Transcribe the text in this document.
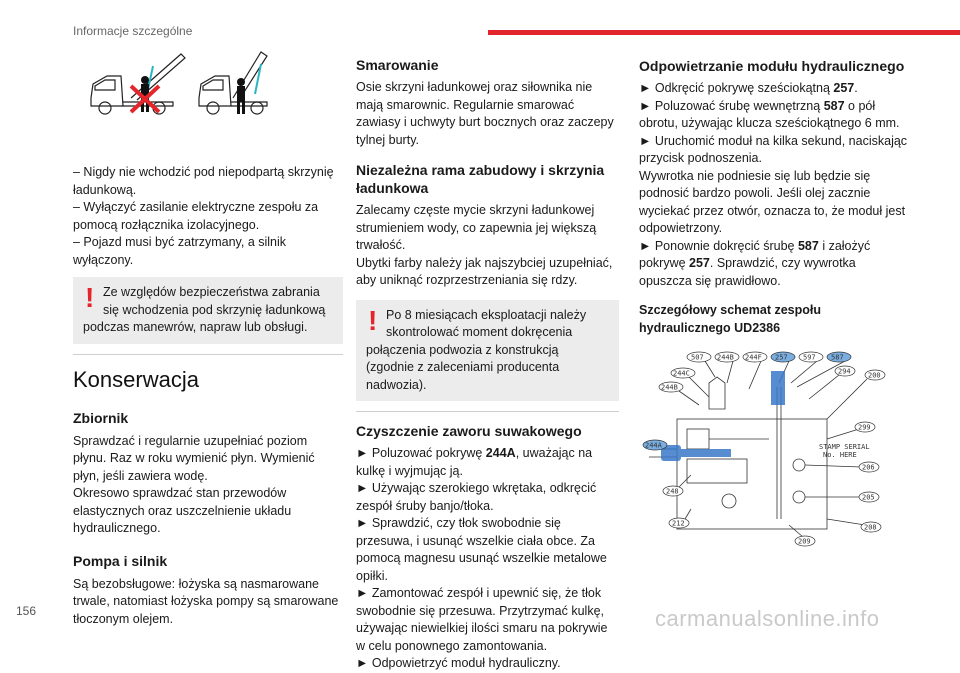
Informacje szczególne

– Nigdy nie wchodzić pod niepodpartą skrzynię ładunkową.

– Wyłączyć zasilanie elektryczne zespołu za pomocą rozłącznika izolacyjnego.

– Pojazd musi być zatrzymany, a silnik wyłączony.

! Ze względów bezpieczeństwa zabrania się wchodzenia pod skrzynię ładunkową
podczas manewrów, napraw lub obsługi.
Konserwacja
Zbiornik

Sprawdzać i regularnie uzupełniać poziom płynu. Raz w roku wymienić płyn. Wymienić płyn, jeśli zawiera wodę.

Okresowo sprawdzać stan przewodów elastycznych oraz uszczelnienie układu hydraulicznego.

Pompa i silnik

Są bezobsługowe: łożyska są nasmarowane trwale, natomiast łożyska pompy są smarowane tłoczonym olejem.

Smarowanie

Osie skrzyni ładunkowej oraz siłownika nie mają smarownic. Regularnie smarować zawiasy i uchwyty burt bocznych oraz zaczepy tylnej burty.

Niezależna rama zabudowy i skrzynia ładunkowa

Zalecamy częste mycie skrzyni ładunkowej strumieniem wody, co zapewnia jej większą trwałość.

Ubytki farby należy jak najszybciej uzupełniać, aby uniknąć rozprzestrzeniania się rdzy.

! Po 8 miesiącach eksploatacji należy skontrolować moment dokręcenia
połączenia podwozia z konstrukcją (zgodnie z zaleceniami producenta nadwozia).
Czyszczenie zaworu suwakowego

► Poluzować pokrywę 244A, uważając na kulkę i wyjmując ją.

► Używając szerokiego wkrętaka, odkręcić zespół śruby banjo/tłoka.

► Sprawdzić, czy tłok swobodnie się przesuwa, i usunąć wszelkie ciała obce. Za pomocą magnesu usunąć wszelkie metalowe opiłki.

► Zamontować zespół i upewnić się, że tłok swobodnie się przesuwa. Przytrzymać kulkę, używając niewielkiej ilości smaru na pokrywie w celu ponownego zamontowania.

► Odpowietrzyć moduł hydrauliczny.

Odpowietrzanie modułu hydraulicznego

► Odkręcić pokrywę sześciokątną 257.

► Poluzować śrubę wewnętrzną 587 o pół obrotu, używając klucza sześciokątnego 6 mm.

► Uruchomić moduł na kilka sekund, naciskając przycisk podnoszenia.

Wywrotka nie podniesie się lub będzie się podnosić bardzo powoli. Jeśli olej zacznie wyciekać przez otwór, oznacza to, że moduł jest odpowietrzony.

► Ponownie dokręcić śrubę 587 i założyć pokrywę 257. Sprawdzić, czy wywrotka opuszcza się prawidłowo.

Szczegółowy schemat zespołu hydraulicznego UD2386
507 244B 244F 257 597 587
244C	294
244B
200
244A
299
STAMP SERIAL
No. HERE
248
206
205
212	208
209
156	carmanualsonline.info
